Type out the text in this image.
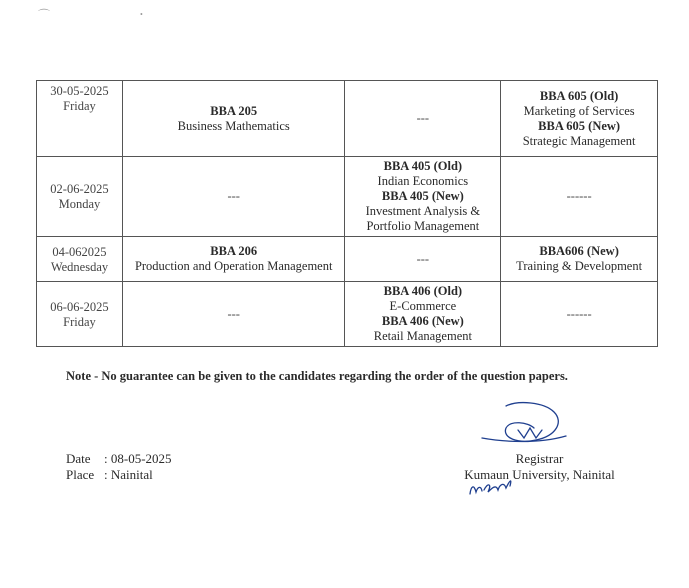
⌒	•
30-05-2025
Friday	BBA 205
Business Mathematics	---	BBA 605 (Old)
Marketing of Services
BBA 605 (New)
Strategic Management

02-06-2025
Monday	---	BBA 405 (Old)
Indian Economics
BBA 405 (New)
Investment Analysis &
Portfolio Management	------

04-062025
Wednesday	BBA 206
Production and Operation Management	---	BBA606 (New)
Training & Development

06-06-2025
Friday	---	BBA 406 (Old)
E-Commerce
BBA 406 (New)
Retail Management	------
Note - No guarantee can be given to the candidates regarding the order of the question papers.
Date : 08-05-2025
Place : Nainital
Registrar
Kumaun University, Nainital
